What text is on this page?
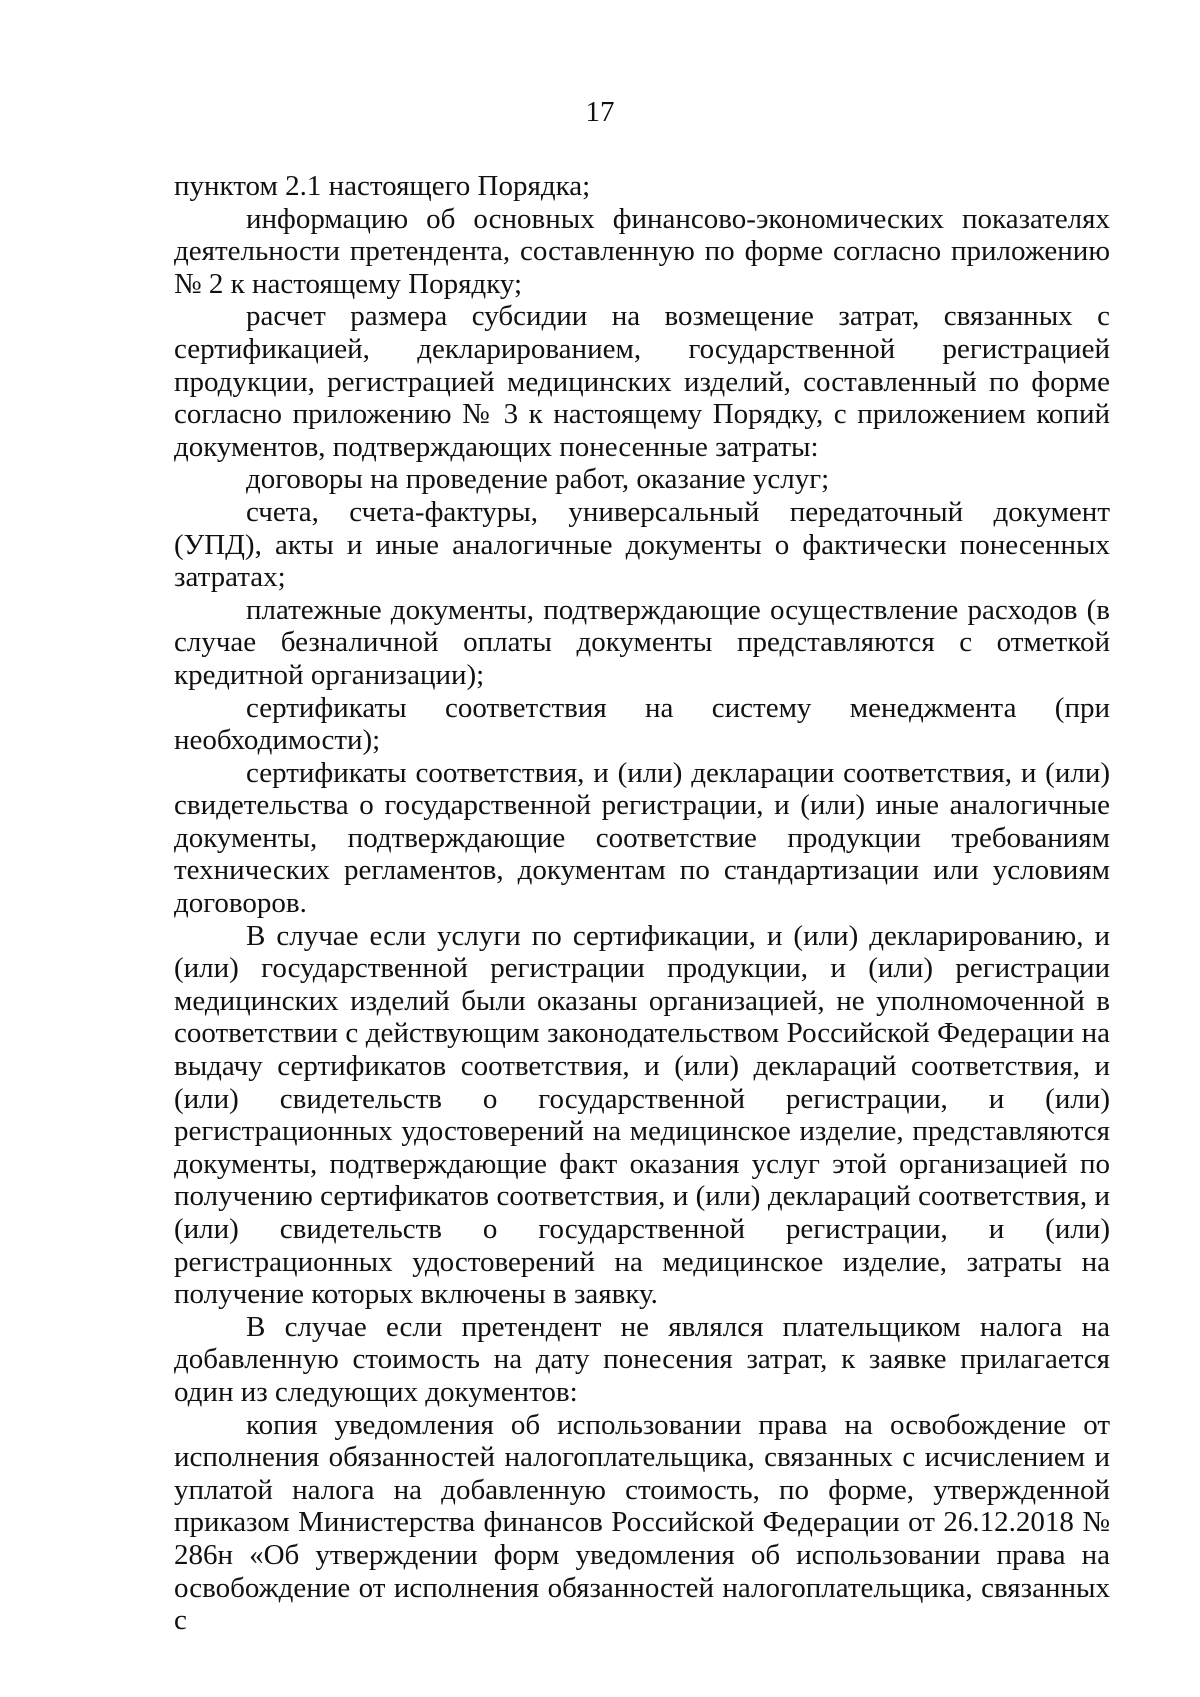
17

пунктом 2.1 настоящего Порядка;

информацию об основных финансово-экономических показателях деятельности претендента, составленную по форме согласно приложению № 2 к настоящему Порядку;

расчет размера субсидии на возмещение затрат, связанных с сертификацией, декларированием, государственной регистрацией продукции, регистрацией медицинских изделий, составленный по форме согласно приложению № 3 к настоящему Порядку, с приложением копий документов, подтверждающих понесенные затраты:

договоры на проведение работ, оказание услуг;

счета, счета-фактуры, универсальный передаточный документ (УПД), акты и иные аналогичные документы о фактически понесенных затратах;

платежные документы, подтверждающие осуществление расходов (в случае безналичной оплаты документы представляются с отметкой кредитной организации);

сертификаты соответствия на систему менеджмента (при необходимости);

сертификаты соответствия, и (или) декларации соответствия, и (или) свидетельства о государственной регистрации, и (или) иные аналогичные документы, подтверждающие соответствие продукции требованиям технических регламентов, документам по стандартизации или условиям договоров.

В случае если услуги по сертификации, и (или) декларированию, и (или) государственной регистрации продукции, и (или) регистрации медицинских изделий были оказаны организацией, не уполномоченной в соответствии с действующим законодательством Российской Федерации на выдачу сертификатов соответствия, и (или) деклараций соответствия, и (или) свидетельств о государственной регистрации, и (или) регистрационных удостоверений на медицинское изделие, представляются документы, подтверждающие факт оказания услуг этой организацией по получению сертификатов соответствия, и (или) деклараций соответствия, и (или) свидетельств о государственной регистрации, и (или) регистрационных удостоверений на медицинское изделие, затраты на получение которых включены в заявку.

В случае если претендент не являлся плательщиком налога на добавленную стоимость на дату понесения затрат, к заявке прилагается один из следующих документов:

копия уведомления об использовании права на освобождение от исполнения обязанностей налогоплательщика, связанных с исчислением и уплатой налога на добавленную стоимость, по форме, утвержденной приказом Министерства финансов Российской Федерации от 26.12.2018 № 286н «Об утверждении форм уведомления об использовании права на освобождение от исполнения обязанностей налогоплательщика, связанных с
